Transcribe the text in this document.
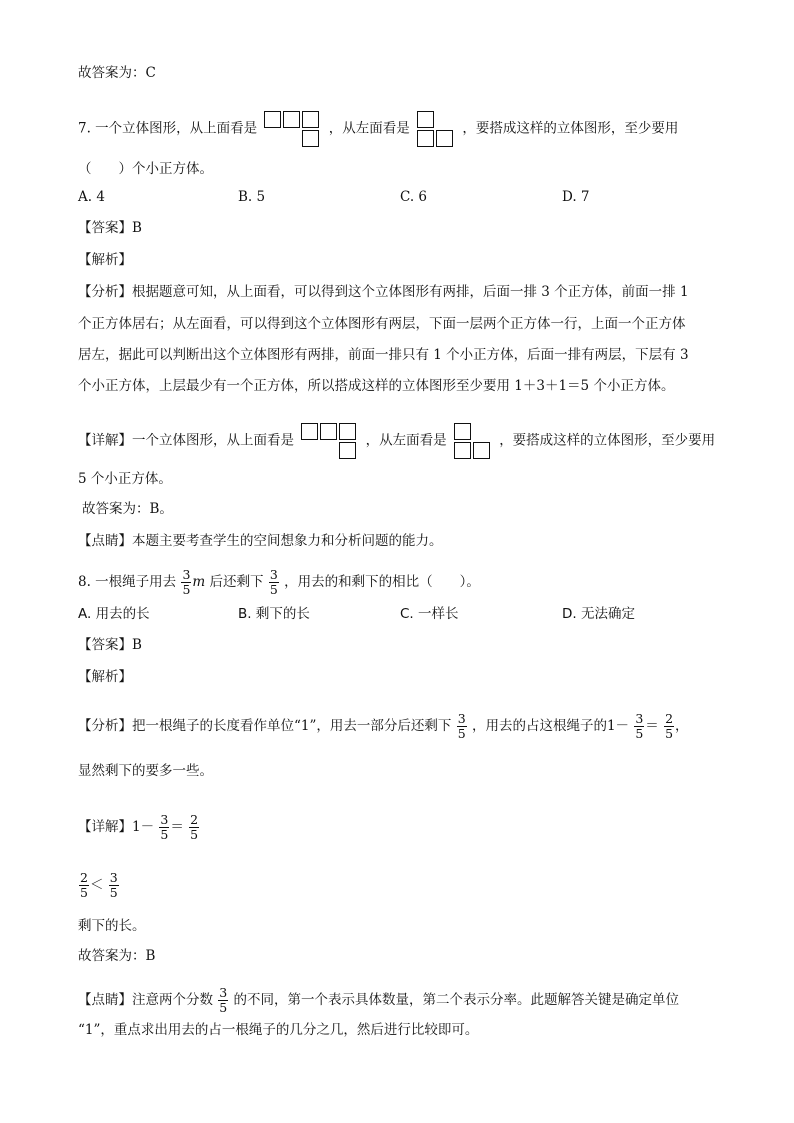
故答案为：C
7. 一个立体图形，从上面看是	，从左面看是	，要搭成这样的立体图形，至少要用
（　　）个小正方体。
A. 4	B. 5	C. 6	D. 7
【答案】B
【解析】
【分析】根据题意可知，从上面看，可以得到这个立体图形有两排，后面一排 3 个正方体，前面一排 1
个正方体居右；从左面看，可以得到这个立体图形有两层，下面一层两个正方体一行，上面一个正方体
居左，据此可以判断出这个立体图形有两排，前面一排只有 1 个小正方体，后面一排有两层，下层有 3
个小正方体，上层最少有一个正方体，所以搭成这样的立体图形至少要用 1＋3＋1＝5 个小正方体。
【详解】一个立体图形，从上面看是	，从左面看是	，要搭成这样的立体图形，至少要用
5 个小正方体。
故答案为：B。
【点睛】本题主要考查学生的空间想象力和分析问题的能力。
8. 一根绳子用去 $\frac{3}{5}$ m 后还剩下 $\frac{3}{5}$ ，用去的和剩下的相比（　　）。
A. 用去的长	B. 剩下的长	C. 一样长	D. 无法确定
【答案】B
【解析】
【分析】把一根绳子的长度看作单位“1”，用去一部分后还剩下 $\frac{3}{5}$ ，用去的占这根绳子的$1- \frac{3}{5} = \frac{2}{5}$ ，
显然剩下的要多一些。
【详解】$1- \frac{3}{5} = \frac{2}{5}$
$\frac{2}{5} < \frac{3}{5}$
剩下的长。
故答案为：B
【点睛】注意两个分数 $\frac{3}{5}$ 的不同，第一个表示具体数量，第二个表示分率。此题解答关键是确定单位
“1”，重点求出用去的占一根绳子的几分之几，然后进行比较即可。
